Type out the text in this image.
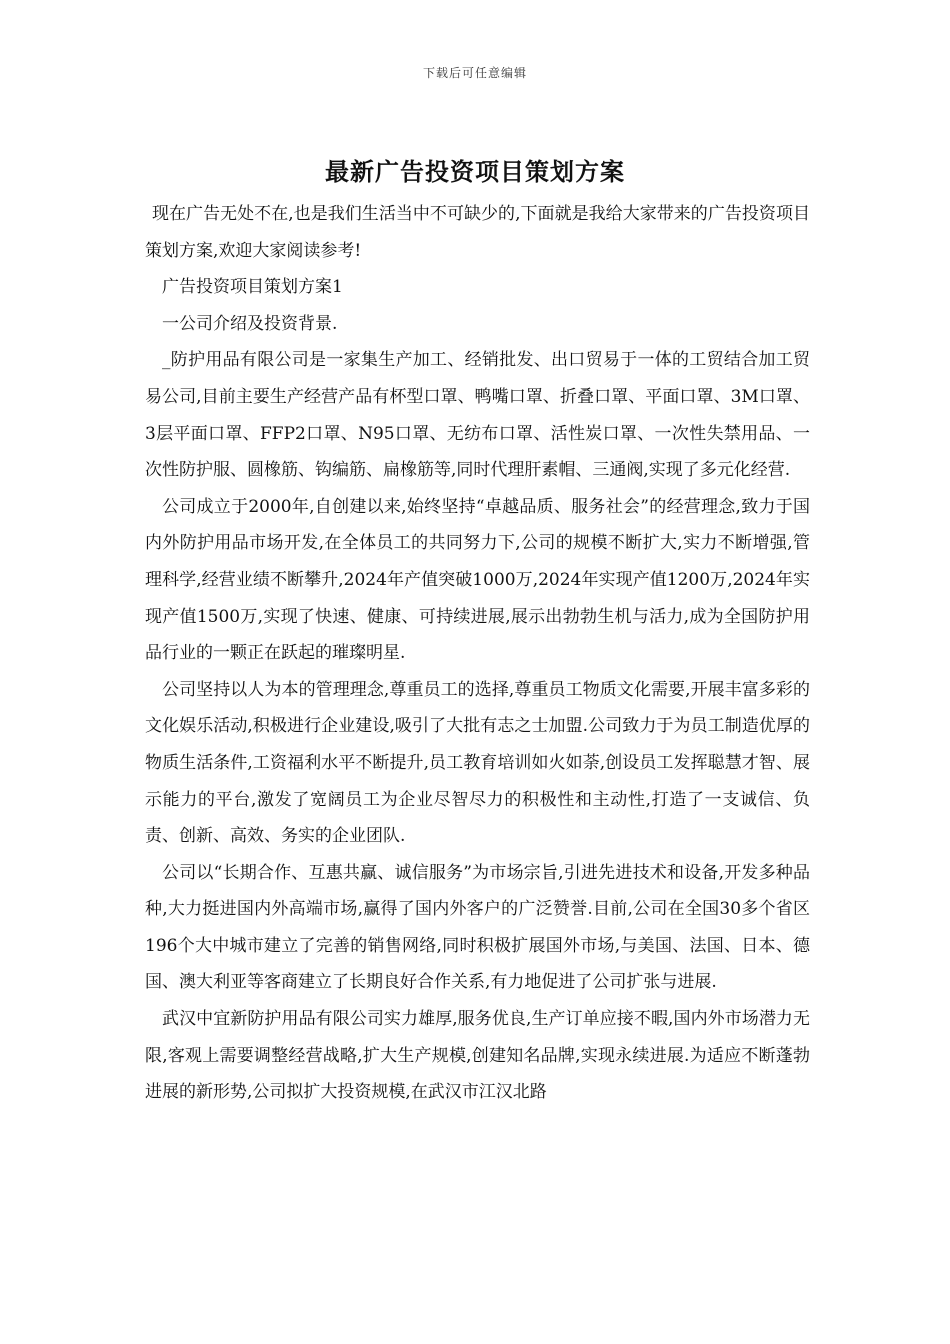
下载后可任意编辑
最新广告投资项目策划方案

现在广告无处不在,也是我们生活当中不可缺少的,下面就是我给大家带来的广告投资项目策划方案,欢迎大家阅读参考!

广告投资项目策划方案1

一公司介绍及投资背景.

_防护用品有限公司是一家集生产加工、经销批发、出口贸易于一体的工贸结合加工贸易公司,目前主要生产经营产品有杯型口罩、鸭嘴口罩、折叠口罩、平面口罩、3M口罩、3层平面口罩、FFP2口罩、N95口罩、无纺布口罩、活性炭口罩、一次性失禁用品、一次性防护服、圆橡筋、钩编筋、扁橡筋等,同时代理肝素帽、三通阀,实现了多元化经营.

公司成立于2000年,自创建以来,始终坚持“卓越品质、服务社会”的经营理念,致力于国内外防护用品市场开发,在全体员工的共同努力下,公司的规模不断扩大,实力不断增强,管理科学,经营业绩不断攀升,2024年产值突破1000万,2024年实现产值1200万,2024年实现产值1500万,实现了快速、健康、可持续进展,展示出勃勃生机与活力,成为全国防护用品行业的一颗正在跃起的璀璨明星.

公司坚持以人为本的管理理念,尊重员工的选择,尊重员工物质文化需要,开展丰富多彩的文化娱乐活动,积极进行企业建设,吸引了大批有志之士加盟.公司致力于为员工制造优厚的物质生活条件,工资福利水平不断提升,员工教育培训如火如荼,创设员工发挥聪慧才智、展示能力的平台,激发了宽阔员工为企业尽智尽力的积极性和主动性,打造了一支诚信、负责、创新、高效、务实的企业团队.

公司以“长期合作、互惠共赢、诚信服务”为市场宗旨,引进先进技术和设备,开发多种品种,大力挺进国内外高端市场,赢得了国内外客户的广泛赞誉.目前,公司在全国30多个省区196个大中城市建立了完善的销售网络,同时积极扩展国外市场,与美国、法国、日本、德国、澳大利亚等客商建立了长期良好合作关系,有力地促进了公司扩张与进展.

武汉中宜新防护用品有限公司实力雄厚,服务优良,生产订单应接不暇,国内外市场潜力无限,客观上需要调整经营战略,扩大生产规模,创建知名品牌,实现永续进展.为适应不断蓬勃进展的新形势,公司拟扩大投资规模,在武汉市江汉北路
